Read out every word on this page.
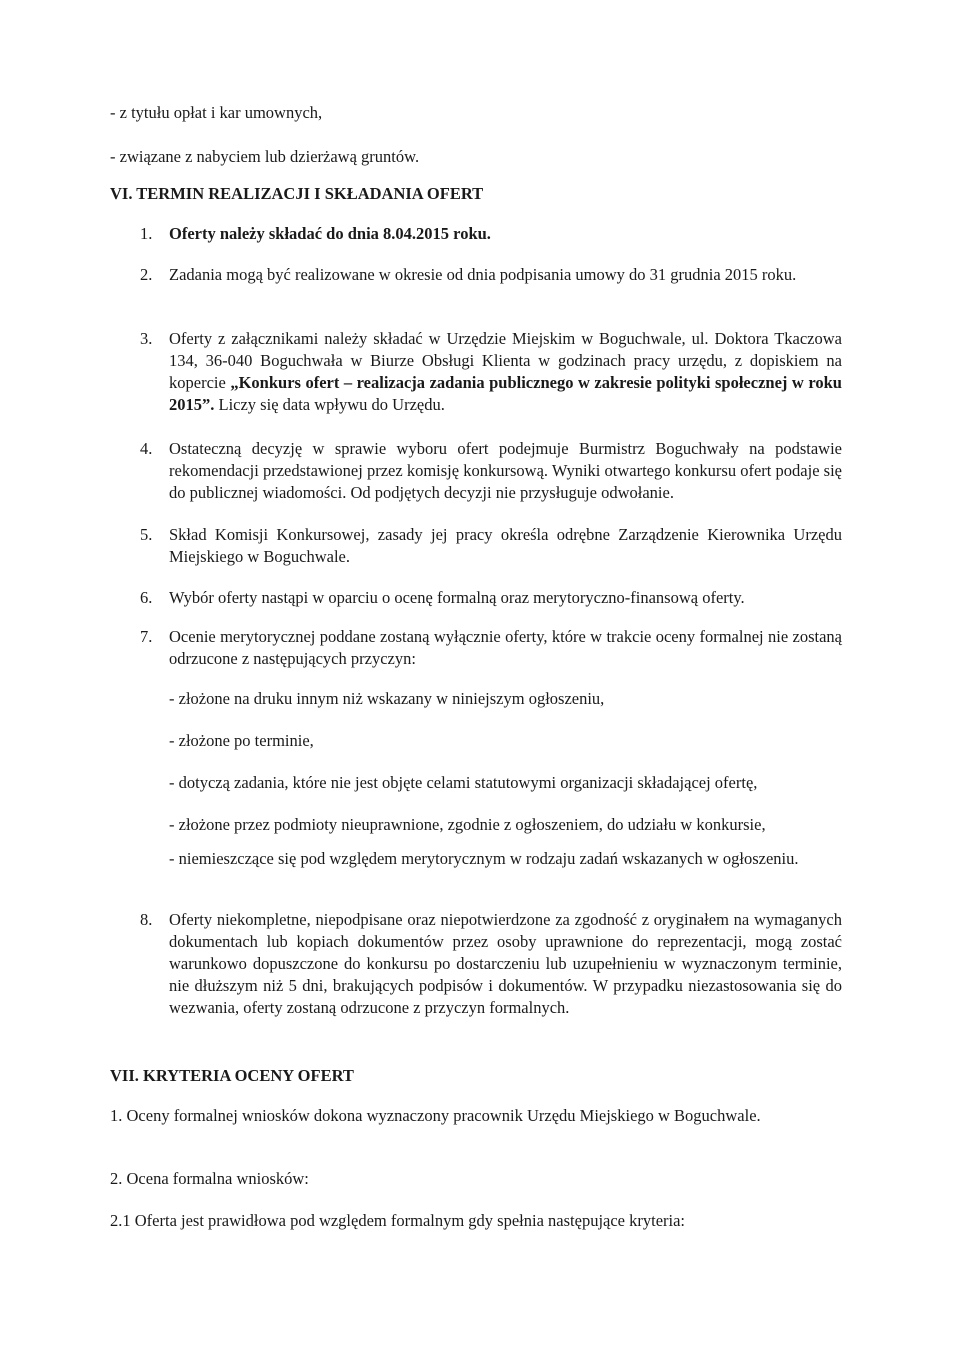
- z tytułu opłat i kar umownych,
- związane z nabyciem lub dzierżawą gruntów.
VI. TERMIN REALIZACJI I SKŁADANIA OFERT
1. Oferty należy składać do dnia 8.04.2015 roku.
2. Zadania mogą być realizowane w okresie od dnia podpisania umowy do 31 grudnia 2015 roku.
3. Oferty z załącznikami należy składać w Urzędzie Miejskim w Boguchwale, ul. Doktora Tkaczowa 134, 36-040 Boguchwała w Biurze Obsługi Klienta w godzinach pracy urzędu, z dopiskiem na kopercie „Konkurs ofert – realizacja zadania publicznego w zakresie polityki społecznej w roku 2015”. Liczy się data wpływu do Urzędu.
4. Ostateczną decyzję w sprawie wyboru ofert podejmuje Burmistrz Boguchwały na podstawie rekomendacji przedstawionej przez komisję konkursową. Wyniki otwartego konkursu ofert podaje się do publicznej wiadomości. Od podjętych decyzji nie przysługuje odwołanie.
5. Skład Komisji Konkursowej, zasady jej pracy określa odrębne Zarządzenie Kierownika Urzędu Miejskiego w Boguchwale.
6. Wybór oferty nastąpi w oparciu o ocenę formalną oraz merytoryczno-finansową oferty.
7. Ocenie merytorycznej poddane zostaną wyłącznie oferty, które w trakcie oceny formalnej nie zostaną odrzucone z następujących przyczyn:
- złożone na druku innym niż wskazany w niniejszym ogłoszeniu,
- złożone po terminie,
- dotyczą zadania, które nie jest objęte celami statutowymi organizacji składającej ofertę,
- złożone przez podmioty nieuprawnione, zgodnie z ogłoszeniem, do udziału w konkursie,
- niemieszczące się pod względem merytorycznym w rodzaju zadań wskazanych w ogłoszeniu.
8. Oferty niekompletne, niepodpisane oraz niepotwierdzone za zgodność z oryginałem na wymaganych dokumentach lub kopiach dokumentów przez osoby uprawnione do reprezentacji, mogą zostać warunkowo dopuszczone do konkursu po dostarczeniu lub uzupełnieniu w wyznaczonym terminie, nie dłuższym niż 5 dni, brakujących podpisów i dokumentów. W przypadku niezastosowania się do wezwania, oferty zostaną odrzucone z przyczyn formalnych.
VII. KRYTERIA OCENY OFERT
1. Oceny formalnej wniosków dokona wyznaczony pracownik Urzędu Miejskiego w Boguchwale.
2. Ocena formalna wniosków:
2.1 Oferta jest prawidłowa pod względem formalnym gdy spełnia następujące kryteria:
